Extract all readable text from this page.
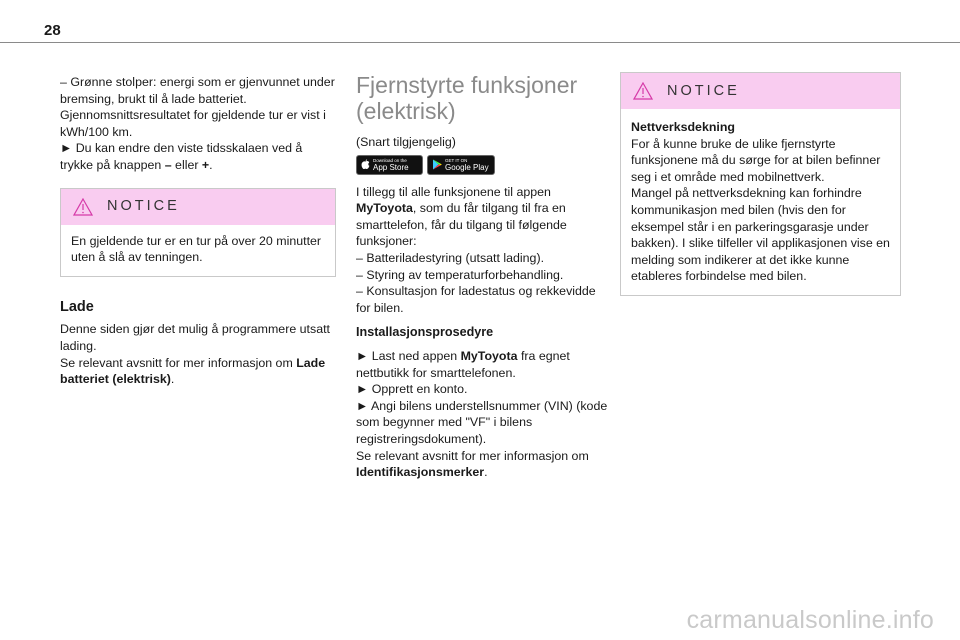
28

– Grønne stolper: energi som er gjenvunnet under bremsing, brukt til å lade batteriet.

Gjennomsnittsresultatet for gjeldende tur er vist i kWh/100 km.

► Du kan endre den viste tidsskalaen ved å trykke på knappen – eller +.

NOTICE
En gjeldende tur er en tur på over 20 minutter uten å slå av tenningen.

Lade

Denne siden gjør det mulig å programmere utsatt lading.

Se relevant avsnitt for mer informasjon om Lade batteriet (elektrisk).

Fjernstyrte funksjoner (elektrisk)

(Snart tilgjengelig)

Download on the
App Store
GET IT ON
Google Play

I tillegg til alle funksjonene til appen MyToyota, som du får tilgang til fra en smarttelefon, får du tilgang til følgende funksjoner:

– Batteriladestyring (utsatt lading).

– Styring av temperaturforbehandling.

– Konsultasjon for ladestatus og rekkevidde for bilen.

Installasjonsprosedyre

► Last ned appen MyToyota fra egnet nettbutikk for smarttelefonen.

► Opprett en konto.

► Angi bilens understellsnummer (VIN) (kode som begynner med "VF" i bilens registreringsdokument).

Se relevant avsnitt for mer informasjon om Identifikasjonsmerker.

NOTICE

Nettverksdekning

For å kunne bruke de ulike fjernstyrte funksjonene må du sørge for at bilen befinner seg i et område med mobilnettverk.

Mangel på nettverksdekning kan forhindre kommunikasjon med bilen (hvis den for eksempel står i en parkeringsgarasje under bakken). I slike tilfeller vil applikasjonen vise en melding som indikerer at det ikke kunne etableres forbindelse med bilen.

carmanualsonline.info
